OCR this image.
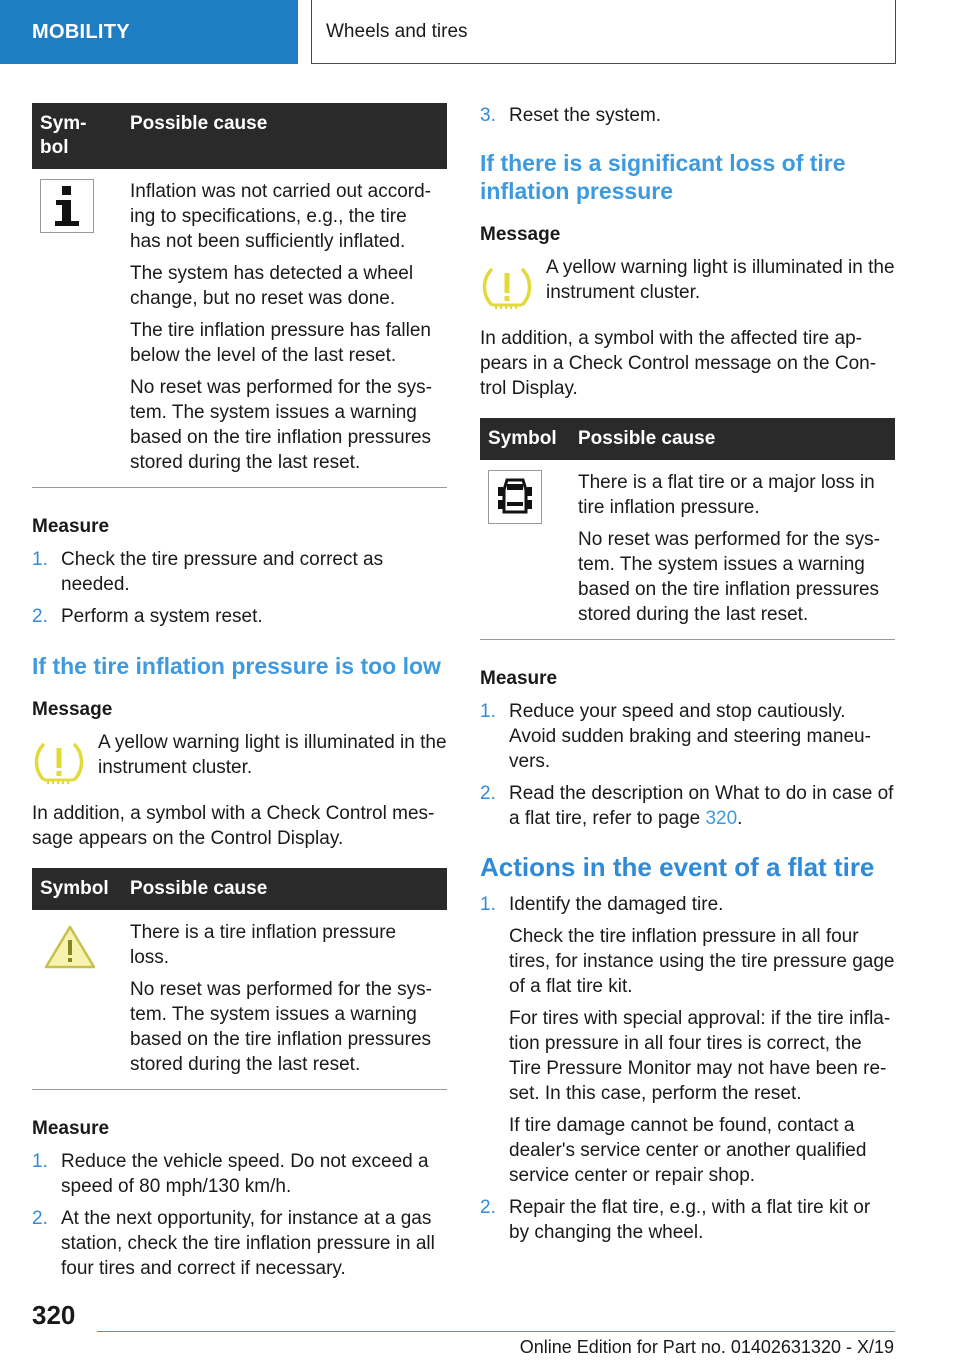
MOBILITY	Wheels and tires
Sym-
bol	Possible cause

Inflation was not carried out accord-ing to specifications, e.g., the tire has not been sufficiently inflated.

The system has detected a wheel change, but no reset was done.

The tire inflation pressure has fallen below the level of the last reset.

No reset was performed for the sys-tem. The system issues a warning based on the tire inflation pressures stored during the last reset.

Measure
1. Check the tire pressure and correct as needed.
2. Perform a system reset.
If the tire inflation pressure is too low
Message
A yellow warning light is illuminated in the instrument cluster.

In addition, a symbol with a Check Control mes-sage appears on the Control Display.

Symbol	Possible cause

There is a tire inflation pressure loss.

No reset was performed for the sys-tem. The system issues a warning based on the tire inflation pressures stored during the last reset.

Measure
1. Reduce the vehicle speed. Do not exceed a speed of 80 mph/130 km/h.
2. At the next opportunity, for instance at a gas station, check the tire inflation pressure in all four tires and correct if necessary.
3. Reset the system.
If there is a significant loss of tire inflation pressure
Message
A yellow warning light is illuminated in the instrument cluster.

In addition, a symbol with the affected tire ap-pears in a Check Control message on the Con-trol Display.

Symbol	Possible cause

There is a flat tire or a major loss in tire inflation pressure.

No reset was performed for the sys-tem. The system issues a warning based on the tire inflation pressures stored during the last reset.

Measure
1. Reduce your speed and stop cautiously. Avoid sudden braking and steering maneu-vers.
2. Read the description on What to do in case of a flat tire, refer to page 320.
Actions in the event of a flat tire
1. Identify the damaged tire.

Check the tire inflation pressure in all four tires, for instance using the tire pressure gage of a flat tire kit.

For tires with special approval: if the tire infla-tion pressure in all four tires is correct, the Tire Pressure Monitor may not have been re-set. In this case, perform the reset.

If tire damage cannot be found, contact a dealer's service center or another qualified service center or repair shop.

2. Repair the flat tire, e.g., with a flat tire kit or by changing the wheel.
320
Online Edition for Part no. 01402631320 - X/19
